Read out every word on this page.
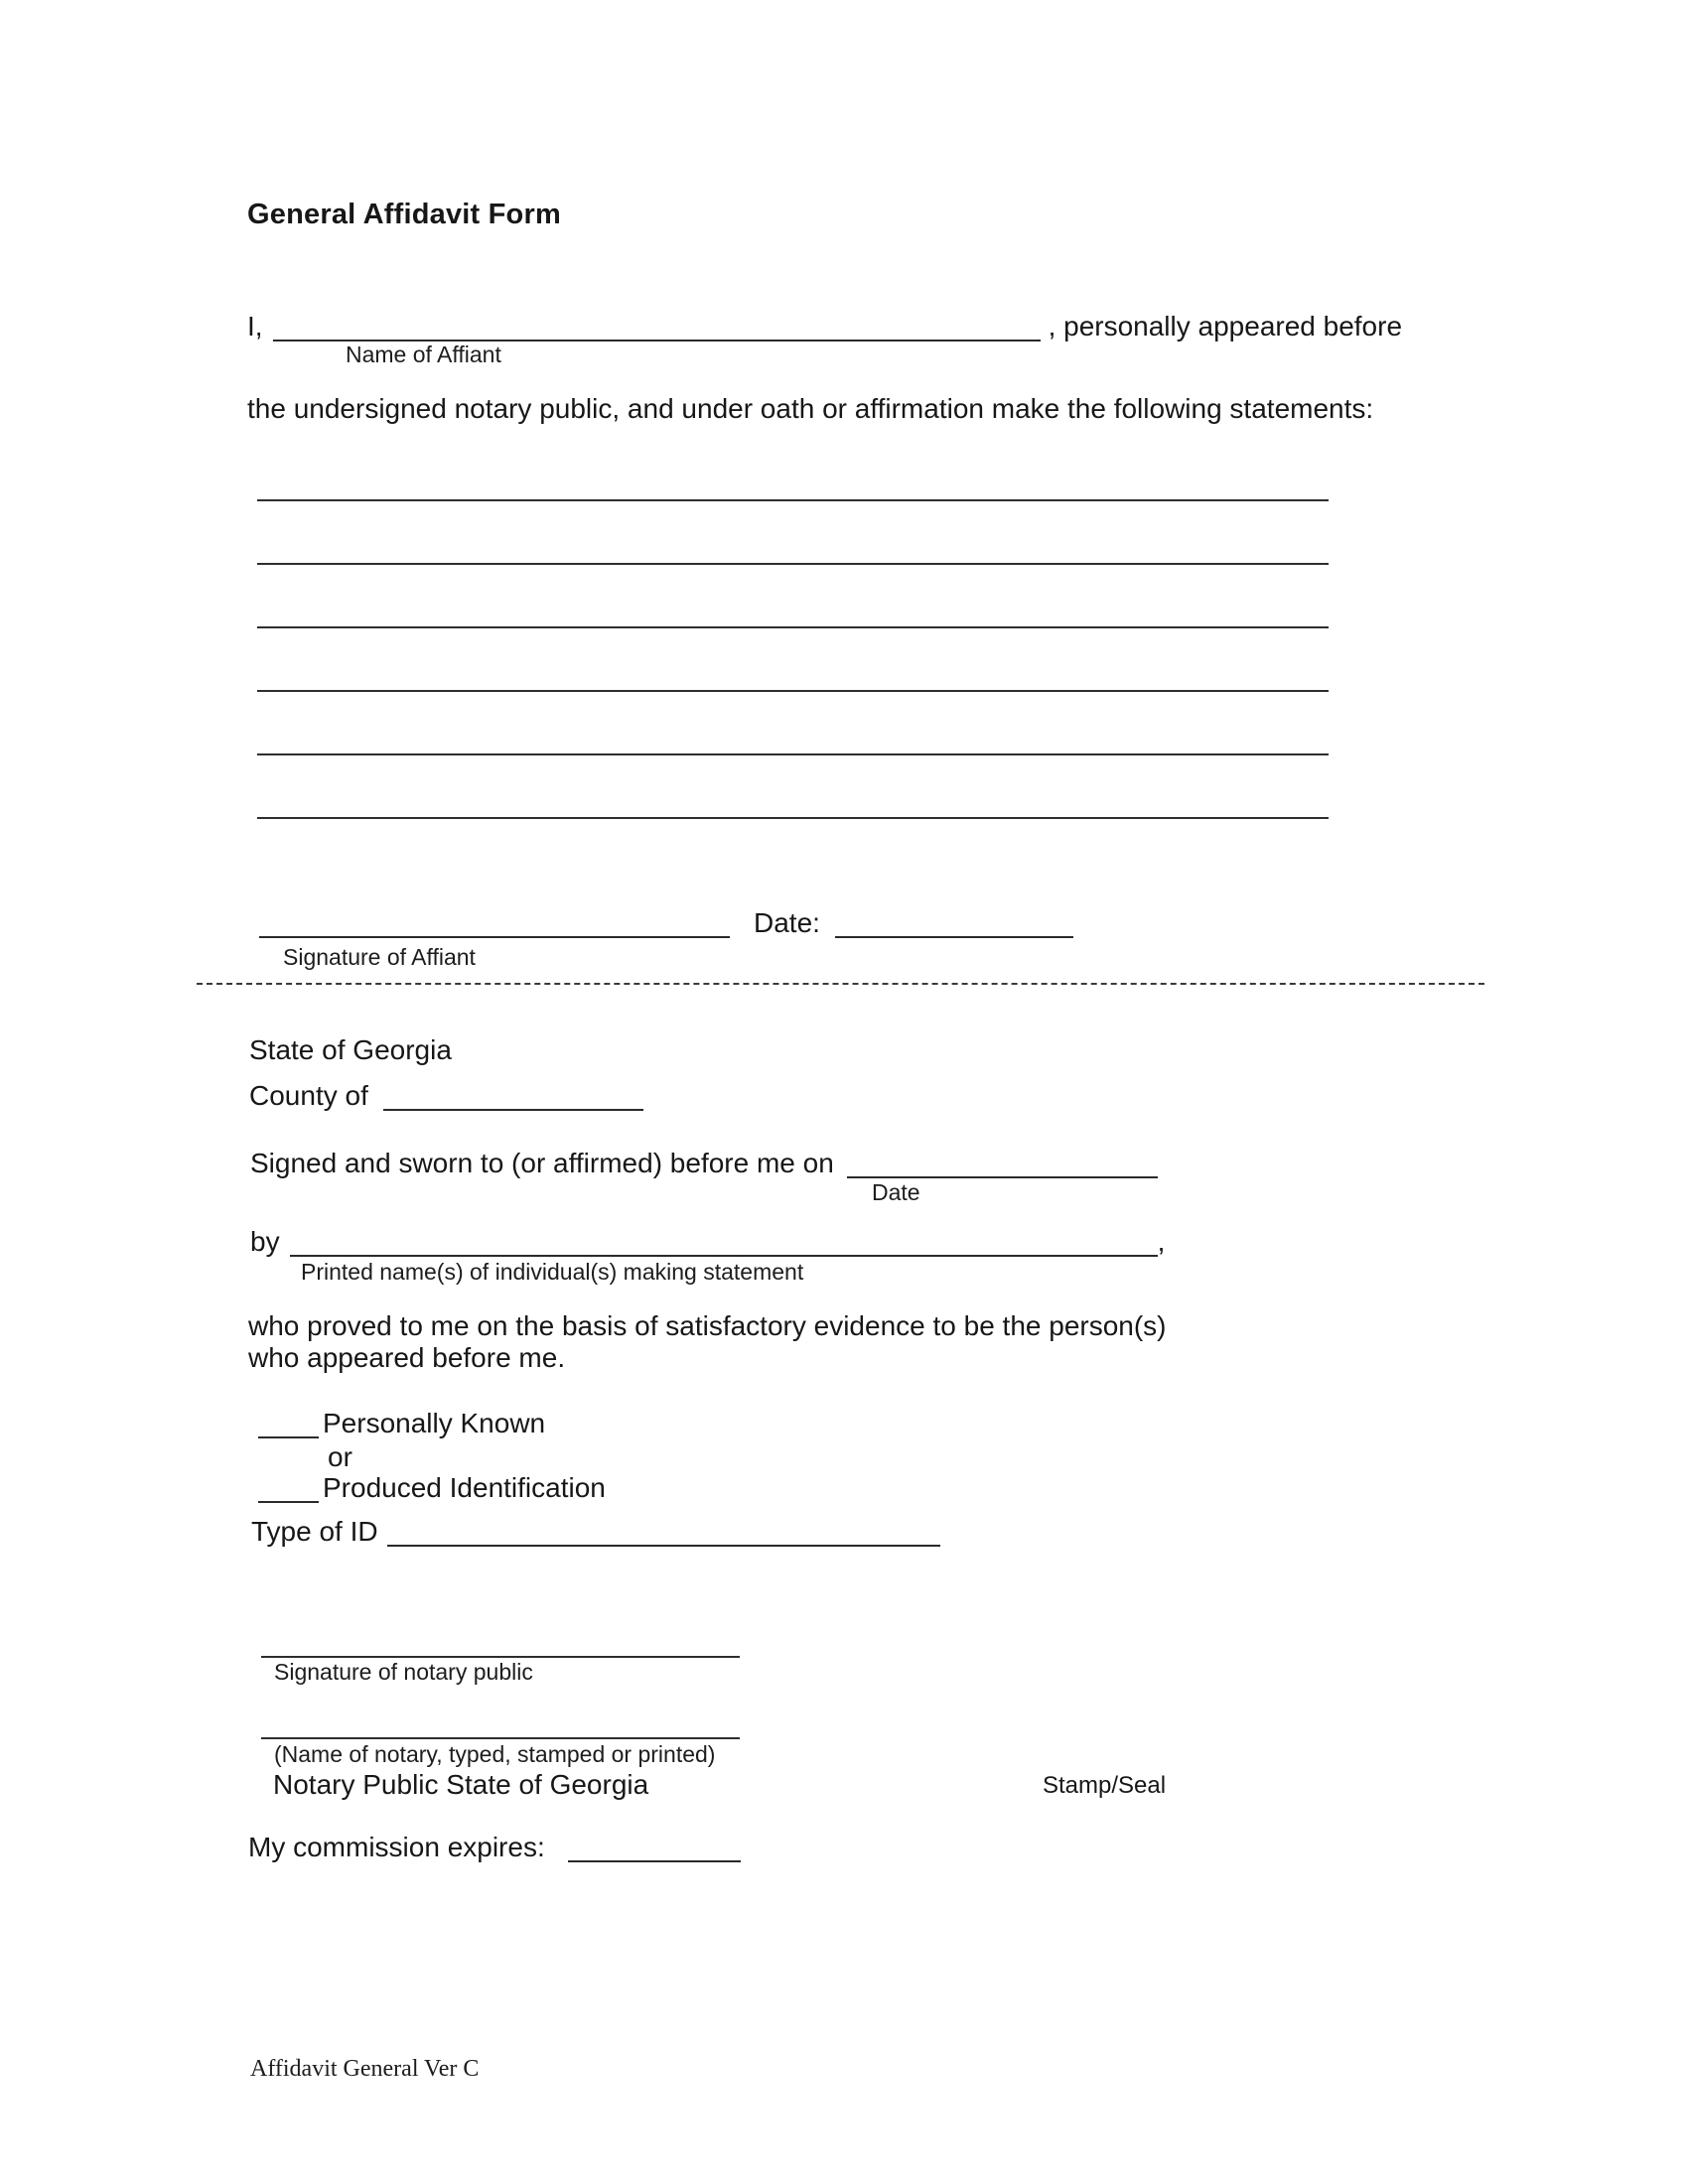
General Affidavit Form
I,	, personally appeared before
Name of Affiant
the undersigned notary public, and under oath or affirmation make the following statements:
Date:
Signature of Affiant
State of Georgia
County of
Signed and sworn to (or affirmed) before me on
Date
by	,
Printed name(s) of individual(s) making statement
who proved to me on the basis of satisfactory evidence to be the person(s)
who appeared before me.
Personally Known
or
Produced Identification
Type of ID
Signature of notary public
(Name of notary, typed, stamped or printed)
Notary Public State of Georgia	Stamp/Seal
My commission expires:
Affidavit General Ver C
